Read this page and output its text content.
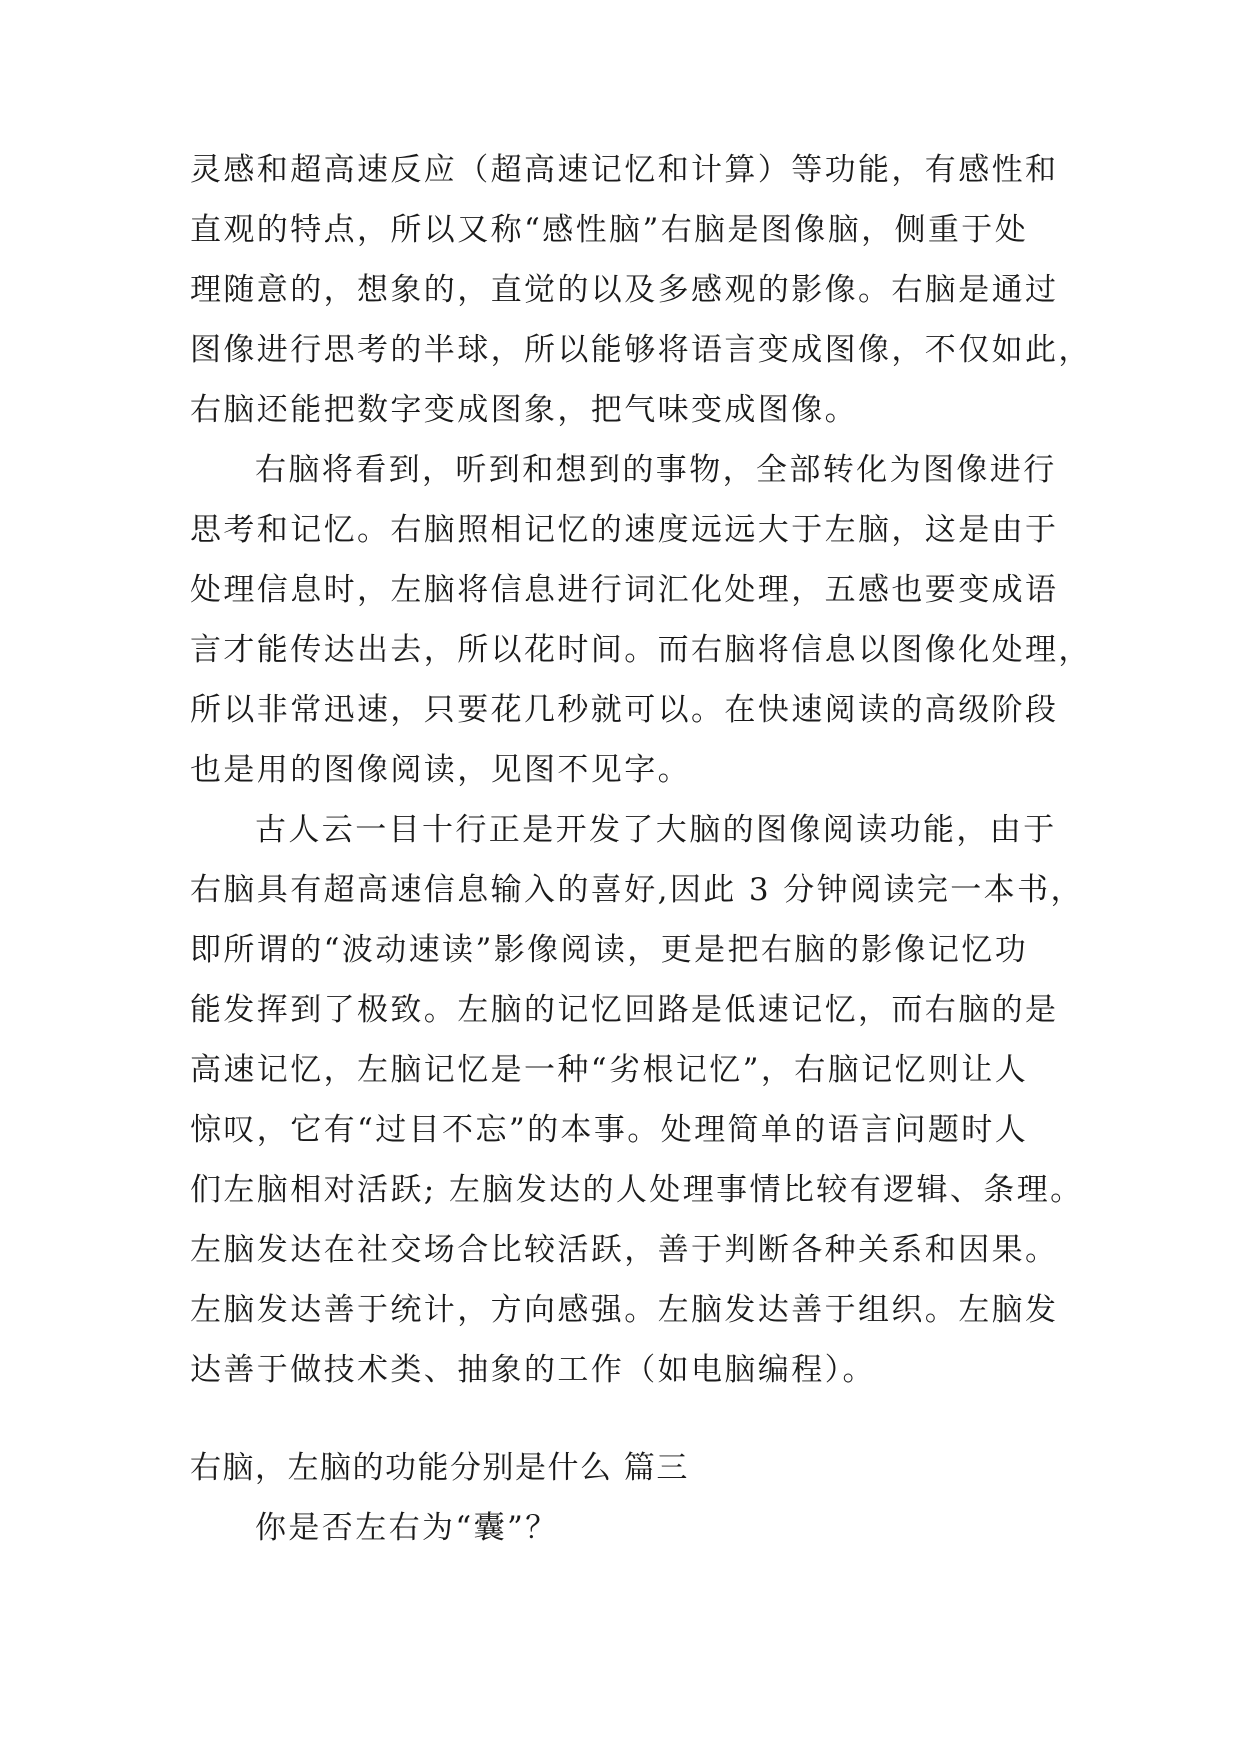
灵感和超高速反应（超高速记忆和计算）等功能，有感性和
直观的特点，所以又称“感性脑”右脑是图像脑，侧重于处
理随意的，想象的，直觉的以及多感观的影像。右脑是通过
图像进行思考的半球，所以能够将语言变成图像，不仅如此，
右脑还能把数字变成图象，把气味变成图像。
右脑将看到，听到和想到的事物，全部转化为图像进行
思考和记忆。右脑照相记忆的速度远远大于左脑，这是由于
处理信息时，左脑将信息进行词汇化处理，五感也要变成语
言才能传达出去，所以花时间。而右脑将信息以图像化处理，
所以非常迅速，只要花几秒就可以。在快速阅读的高级阶段
也是用的图像阅读，见图不见字。
古人云一目十行正是开发了大脑的图像阅读功能，由于
右脑具有超高速信息输入的喜好,因此 3 分钟阅读完一本书，
即所谓的“波动速读”影像阅读，更是把右脑的影像记忆功
能发挥到了极致。左脑的记忆回路是低速记忆，而右脑的是
高速记忆，左脑记忆是一种“劣根记忆”，右脑记忆则让人
惊叹，它有“过目不忘”的本事。处理简单的语言问题时人
们左脑相对活跃; 左脑发达的人处理事情比较有逻辑、条理。
左脑发达在社交场合比较活跃，善于判断各种关系和因果。
左脑发达善于统计，方向感强。左脑发达善于组织。左脑发
达善于做技术类、抽象的工作（如电脑编程）。
右脑，左脑的功能分别是什么 篇三
你是否左右为“囊”？
